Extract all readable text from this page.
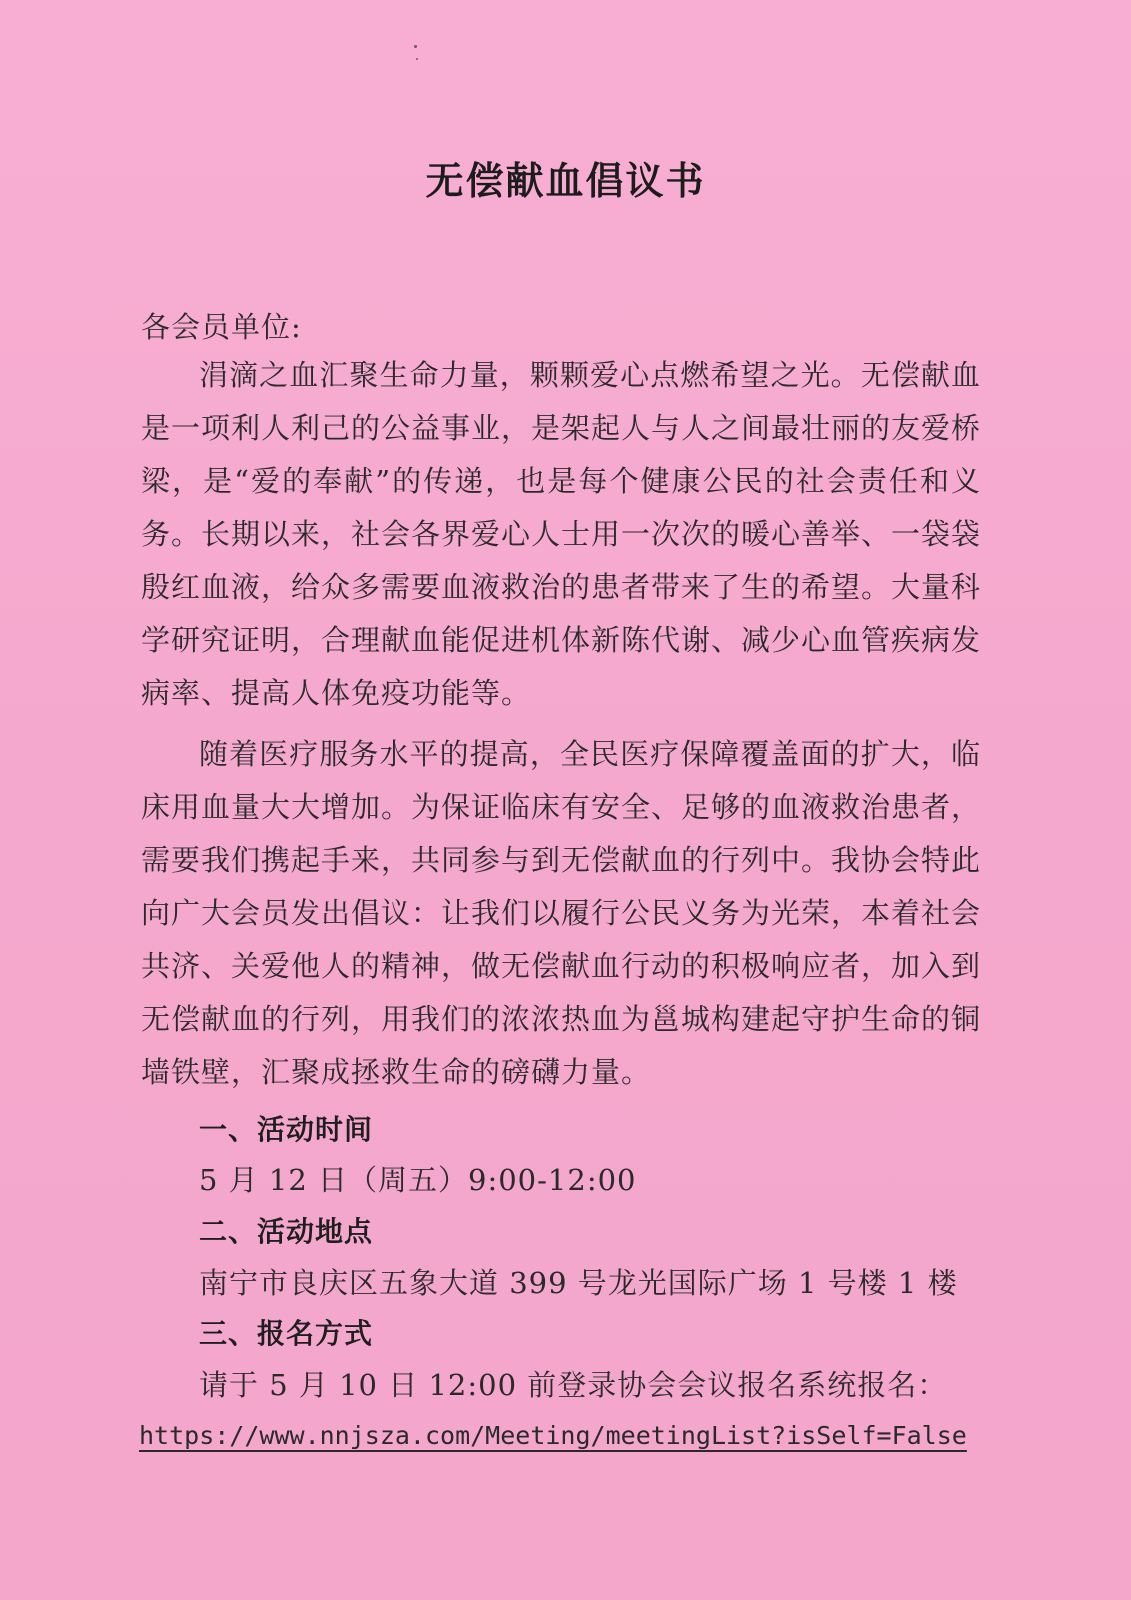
无偿献血倡议书
各会员单位:
涓滴之血汇聚生命力量，颗颗爱心点燃希望之光。无偿献血
是一项利人利己的公益事业，是架起人与人之间最壮丽的友爱桥
梁，是“爱的奉献”的传递，也是每个健康公民的社会责任和义
务。长期以来，社会各界爱心人士用一次次的暖心善举、一袋袋
殷红血液，给众多需要血液救治的患者带来了生的希望。大量科
学研究证明，合理献血能促进机体新陈代谢、减少心血管疾病发
病率、提高人体免疫功能等。
随着医疗服务水平的提高，全民医疗保障覆盖面的扩大，临
床用血量大大增加。为保证临床有安全、足够的血液救治患者，
需要我们携起手来，共同参与到无偿献血的行列中。我协会特此
向广大会员发出倡议：让我们以履行公民义务为光荣，本着社会
共济、关爱他人的精神，做无偿献血行动的积极响应者，加入到
无偿献血的行列，用我们的浓浓热血为邕城构建起守护生命的铜
墙铁壁，汇聚成拯救生命的磅礴力量。
一、活动时间
5 月 12 日（周五）9:00-12:00
二、活动地点
南宁市良庆区五象大道 399 号龙光国际广场 1 号楼 1 楼
三、报名方式
请于 5 月 10 日 12:00 前登录协会会议报名系统报名：
https://www.nnjsza.com/Meeting/meetingList?isSelf=False
